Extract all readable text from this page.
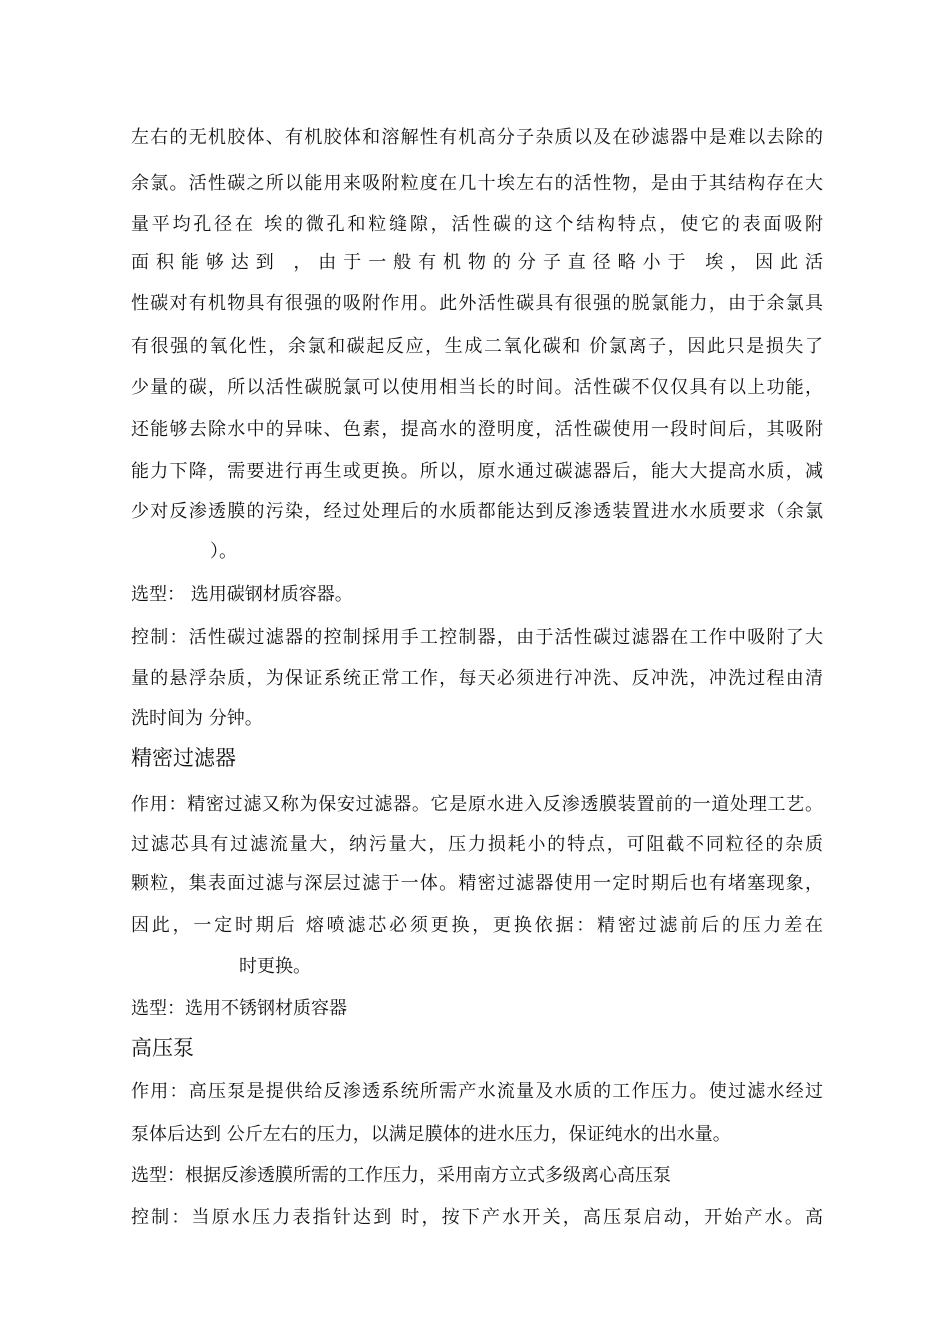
左右的无机胶体、有机胶体和溶解性有机高分子杂质以及在砂滤器中是难以去除的
余氯。活性碳之所以能用来吸附粒度在几十埃左右的活性物，是由于其结构存在大
量平均孔径在 埃的微孔和粒缝隙，活性碳的这个结构特点，使它的表面吸附
面积能够达到 ，由于一般有机物的分子直径略小于 埃，因此活
性碳对有机物具有很强的吸附作用。此外活性碳具有很强的脱氯能力，由于余氯具
有很强的氧化性，余氯和碳起反应，生成二氧化碳和 价氯离子，因此只是损失了
少量的碳，所以活性碳脱氯可以使用相当长的时间。活性碳不仅仅具有以上功能，
还能够去除水中的异味、色素，提高水的澄明度，活性碳使用一段时间后，其吸附
能力下降，需要进行再生或更换。所以，原水通过碳滤器后，能大大提高水质，减
少对反渗透膜的污染，经过处理后的水质都能达到反渗透装置进水水质要求（余氯
）。
选型： 选用碳钢材质容器。
控制：活性碳过滤器的控制採用手工控制器，由于活性碳过滤器在工作中吸附了大
量的悬浮杂质，为保证系统正常工作，每天必须进行冲洗、反冲洗，冲洗过程由清
洗时间为 分钟。
精密过滤器
作用：精密过滤又称为保安过滤器。它是原水进入反渗透膜装置前的一道处理工艺。
过滤芯具有过滤流量大，纳污量大，压力损耗小的特点，可阻截不同粒径的杂质
颗粒，集表面过滤与深层过滤于一体。精密过滤器使用一定时期后也有堵塞现象，
因此，一定时期后 熔喷滤芯必须更换，更换依据：精密过滤前后的压力差在
时更换。
选型：选用不锈钢材质容器
高压泵
作用：高压泵是提供给反渗透系统所需产水流量及水质的工作压力。使过滤水经过
泵体后达到 公斤左右的压力，以满足膜体的进水压力，保证纯水的出水量。
选型：根据反渗透膜所需的工作压力，采用南方立式多级离心高压泵
控制：当原水压力表指针达到 时，按下产水开关，高压泵启动，开始产水。高
